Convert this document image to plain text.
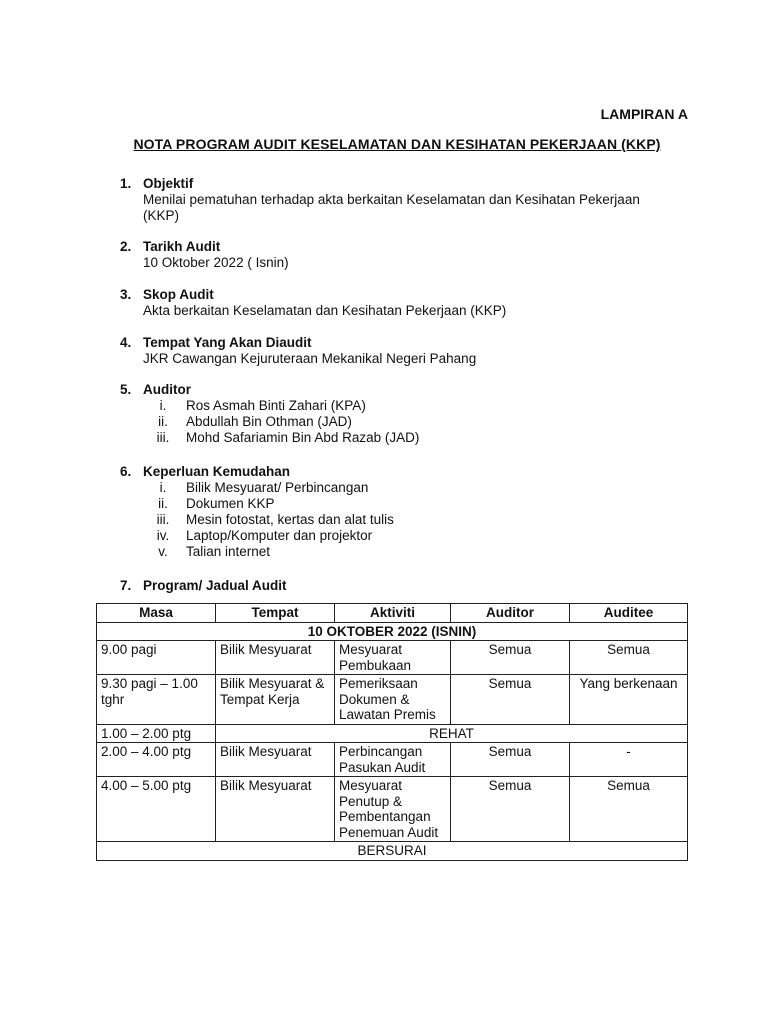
LAMPIRAN A
NOTA PROGRAM AUDIT KESELAMATAN DAN KESIHATAN PEKERJAAN (KKP)
1. Objektif
Menilai pematuhan terhadap akta berkaitan Keselamatan dan Kesihatan Pekerjaan
(KKP)
2. Tarikh Audit
10 Oktober 2022 ( Isnin)
3. Skop Audit
Akta berkaitan Keselamatan dan Kesihatan Pekerjaan (KKP)
4. Tempat Yang Akan Diaudit
JKR Cawangan Kejuruteraan Mekanikal Negeri Pahang
5. Auditor
i.	Ros Asmah Binti Zahari (KPA)
ii.	Abdullah Bin Othman (JAD)
iii.	Mohd Safariamin Bin Abd Razab (JAD)
6. Keperluan Kemudahan
i.	Bilik Mesyuarat/ Perbincangan
ii.	Dokumen KKP
iii.	Mesin fotostat, kertas dan alat tulis
iv.	Laptop/Komputer dan projektor
v.	Talian internet
7. Program/ Jadual Audit
Masa	Tempat	Aktiviti	Auditor	Auditee
10 OKTOBER 2022 (ISNIN)				
9.00 pagi	Bilik Mesyuarat	Mesyuarat Pembukaan	Semua	Semua
9.30 pagi – 1.00 tghr	Bilik Mesyuarat & Tempat Kerja	Pemeriksaan Dokumen & Lawatan Premis	Semua	Yang berkenaan
1.00 – 2.00 ptg	REHAT			
2.00 – 4.00 ptg	Bilik Mesyuarat	Perbincangan Pasukan Audit	Semua	-
4.00 – 5.00 ptg	Bilik Mesyuarat	Mesyuarat Penutup & Pembentangan Penemuan Audit	Semua	Semua
BERSURAI				
